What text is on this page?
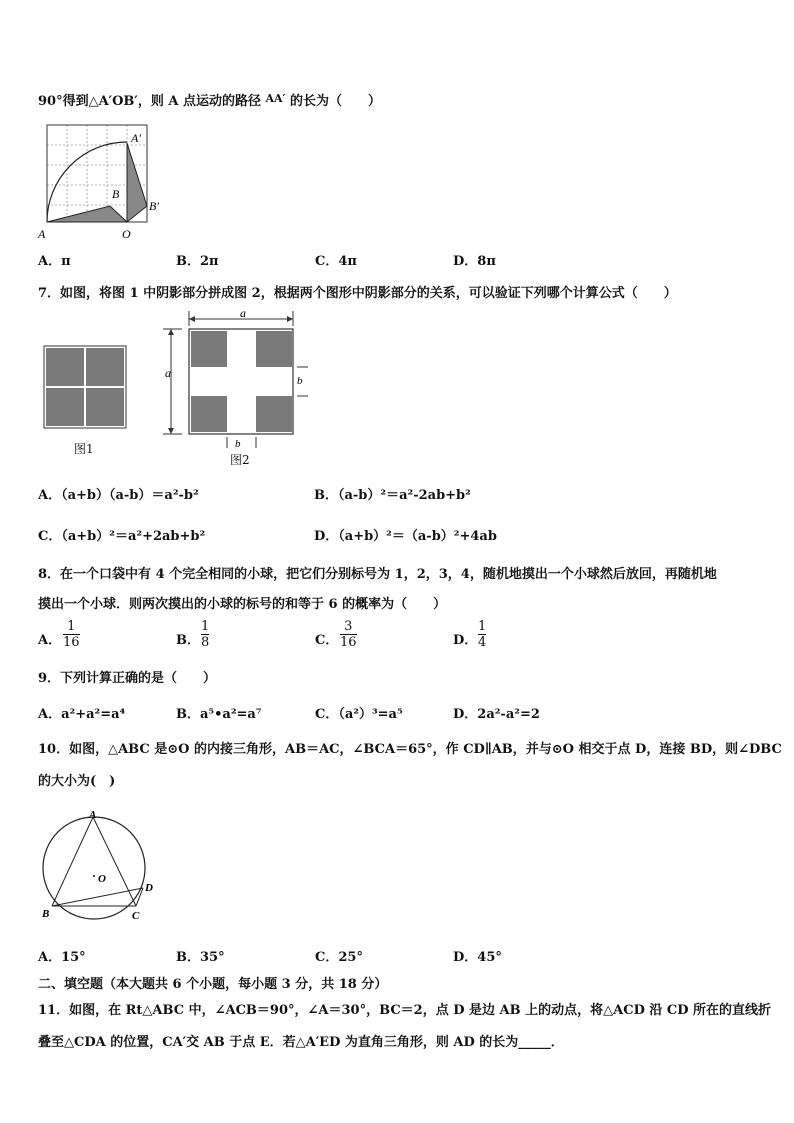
90°得到△A′OB′，则 A 点运动的路径 AA′ 的长为（　　）
A	O
B
A′
B′
A．π	B．2π	C．4π	D．8π
7．如图，将图 1 中阴影部分拼成图 2，根据两个图形中阴影部分的关系，可以验证下列哪个计算公式（　　）
图1
a
a
b
b
图2
A．（a+b）（a-b）＝a²-b²	B．（a-b）²＝a²-2ab+b²
C．（a+b）²＝a²+2ab+b²	D．（a+b）²＝（a-b）²+4ab
8．在一个口袋中有 4 个完全相同的小球，把它们分别标号为 1，2，3，4，随机地摸出一个小球然后放回，再随机地
摸出一个小球．则两次摸出的小球的标号的和等于 6 的概率为（　　）
A．
1
16	B．
1
8	C．
3
16	D．
1
4
9．下列计算正确的是（　　）
A．a²+a²=a⁴	B．a⁵•a²=a⁷	C．（a²）³=a⁵	D．2a²-a²=2
10．如图，△ABC 是⊙O 的内接三角形，AB＝AC，∠BCA＝65°，作 CD∥AB，并与⊙O 相交于点 D，连接 BD，则∠DBC
的大小为(　)
A
B	C
D
O
A．15°	B．35°	C．25°	D．45°
二、填空题（本大题共 6 个小题，每小题 3 分，共 18 分）
11．如图，在 Rt△ABC 中，∠ACB＝90°，∠A＝30°，BC＝2，点 D 是边 AB 上的动点，将△ACD 沿 CD 所在的直线折
叠至△CDA 的位置，CA′交 AB 于点 E．若△A′ED 为直角三角形，则 AD 的长为_____．
